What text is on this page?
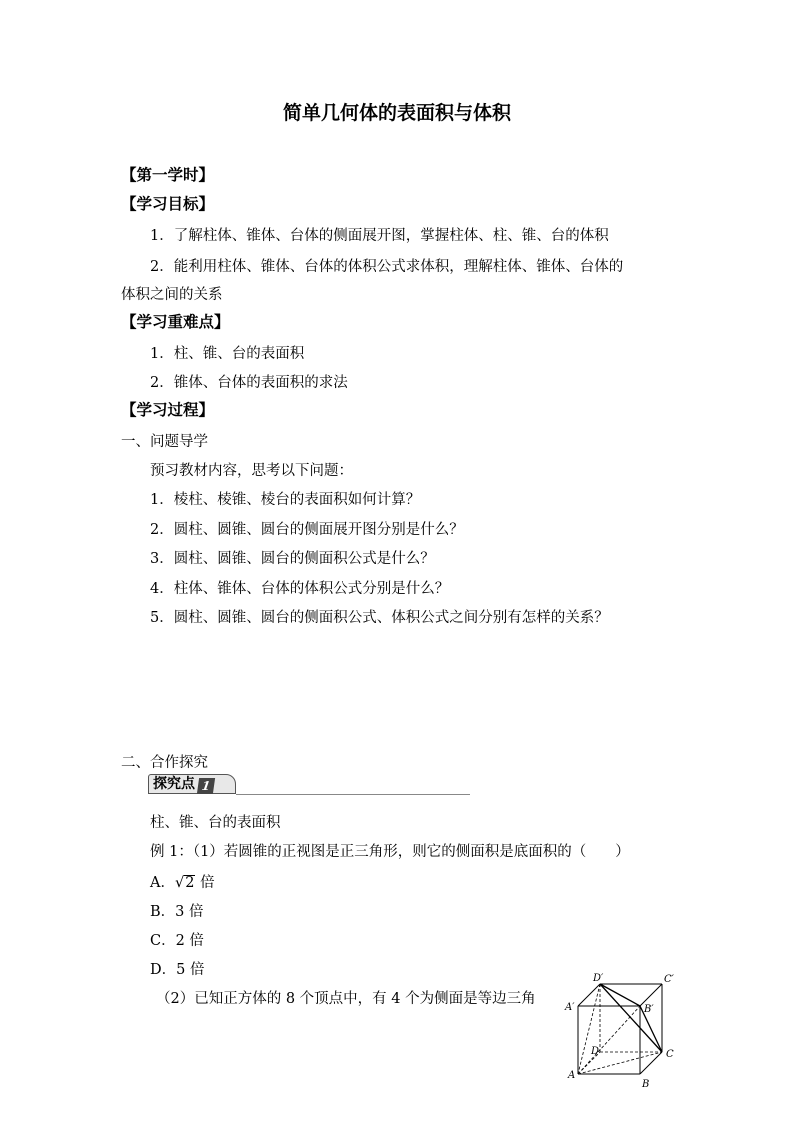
简单几何体的表面积与体积
【第一学时】
【学习目标】
1．了解柱体、锥体、台体的侧面展开图，掌握柱体、柱、锥、台的体积
2．能利用柱体、锥体、台体的体积公式求体积，理解柱体、锥体、台体的
体积之间的关系
【学习重难点】
1．柱、锥、台的表面积
2．锥体、台体的表面积的求法
【学习过程】
一、问题导学
预习教材内容，思考以下问题：
1．棱柱、棱锥、棱台的表面积如何计算？
2．圆柱、圆锥、圆台的侧面展开图分别是什么？
3．圆柱、圆锥、圆台的侧面积公式是什么？
4．柱体、锥体、台体的体积公式分别是什么？
5．圆柱、圆锥、圆台的侧面积公式、体积公式之间分别有怎样的关系？
二、合作探究
探究点 1
柱、锥、台的表面积
例 1：（1）若圆锥的正视图是正三角形，则它的侧面积是底面积的（　　）
A．√2 倍
B．3 倍
C．2 倍
D．5 倍
（2）已知正方体的 8 个顶点中，有 4 个为侧面是等边三角
D′	C′
A′	B′
D	C
A
B
